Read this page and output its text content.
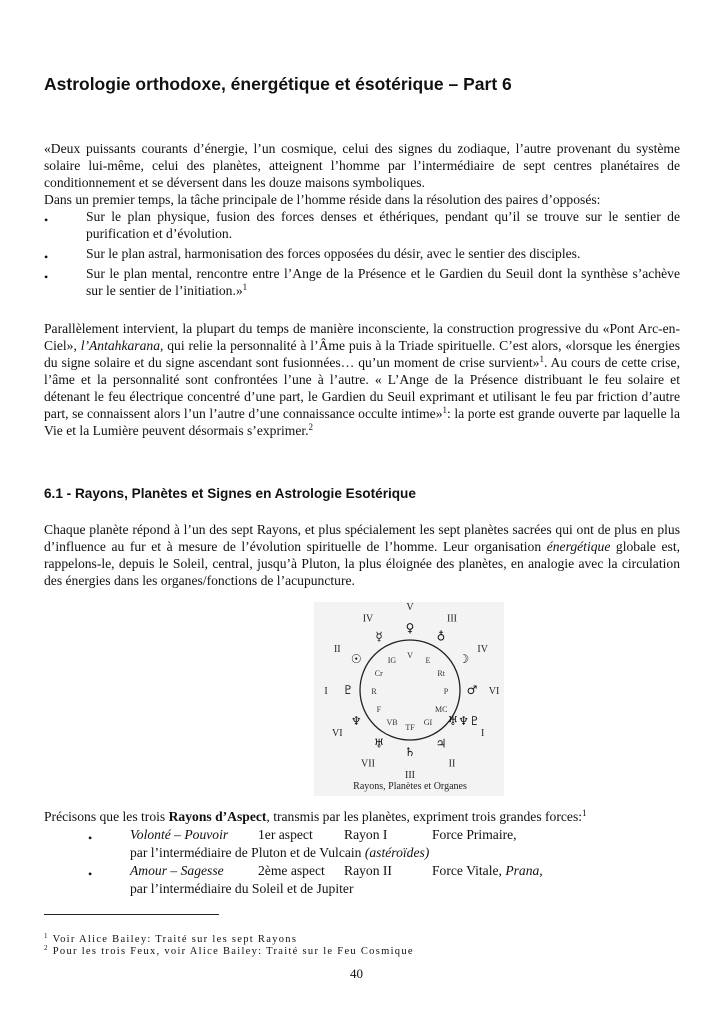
Astrologie orthodoxe, énergétique et ésotérique – Part 6

«Deux puissants courants d’énergie, l’un cosmique, celui des signes du zodiaque, l’autre provenant du système solaire lui-même, celui des planètes, atteignent l’homme par l’intermédiaire de sept centres planétaires de conditionnement et se déversent dans les douze maisons symboliques.
Dans un premier temps, la tâche principale de l’homme réside dans la résolution des paires d’opposés:

•	Sur le plan physique, fusion des forces denses et éthériques, pendant qu’il se trouve sur le sentier de purification et d’évolution.
•	Sur le plan astral, harmonisation des forces opposées du désir, avec le sentier des disciples.
•	Sur le plan mental, rencontre entre l’Ange de la Présence et le Gardien du Seuil dont la synthèse s’achève sur le sentier de l’initiation.»$^1$

Parallèlement intervient, la plupart du temps de manière inconsciente, la construction progressive du «Pont Arc-en-Ciel», l’Antahkarana, qui relie la personnalité à l’Âme puis à la Triade spirituelle. C’est alors, «lorsque les énergies du signe solaire et du signe ascendant sont fusionnées… qu’un moment de crise survient»$^1$. Au cours de cette crise, l’âme et la personnalité sont confrontées l’une à l’autre. « L’Ange de la Présence distribuant le feu solaire et détenant le feu électrique concentré d’une part, le Gardien du Seuil exprimant et utilisant le feu par friction d’autre part, se connaissent alors l’un l’autre d’une connaissance occulte intime»$^1$: la porte est grande ouverte par laquelle la Vie et la Lumière peuvent désormais s’exprimer.$^2$

6.1 - Rayons, Planètes et Signes en Astrologie Esotérique

Chaque planète répond à l’un des sept Rayons, et plus spécialement les sept planètes sacrées qui ont de plus en plus d’influence au fur et à mesure de l’évolution spirituelle de l’homme. Leur organisation énergétique globale est, rappelons-le, depuis le Soleil, central, jusqu’à Pluton, la plus éloignée des planètes, en analogie avec la circulation des énergies dans les organes/fonctions de l’acupuncture.

V
III
IV
VI
I
II
III
VII
VI
I
II
IV
♀
♁
☽
♂
♅♆♇
♃
♄
♅
♆
♇
☉
☿
V
E
Rt
P
MC
GI
TF
VB
F
R
Cr
IG
Rayons, Planètes et Organes

Précisons que les trois Rayons d’Aspect, transmis par les planètes, expriment trois grandes forces:$^1$

•	Volonté – Pouvoir 1er aspect Rayon I	Force Primaire,
par l’intermédiaire de Pluton et de Vulcain (astéroïdes)
•	Amour – Sagesse	2ème aspect Rayon II	Force Vitale, Prana,
par l’intermédiaire du Soleil et de Jupiter
$^1$ Voir Alice Bailey: Traité sur les sept Rayons
$^2$ Pour les trois Feux, voir Alice Bailey: Traité sur le Feu Cosmique
40
